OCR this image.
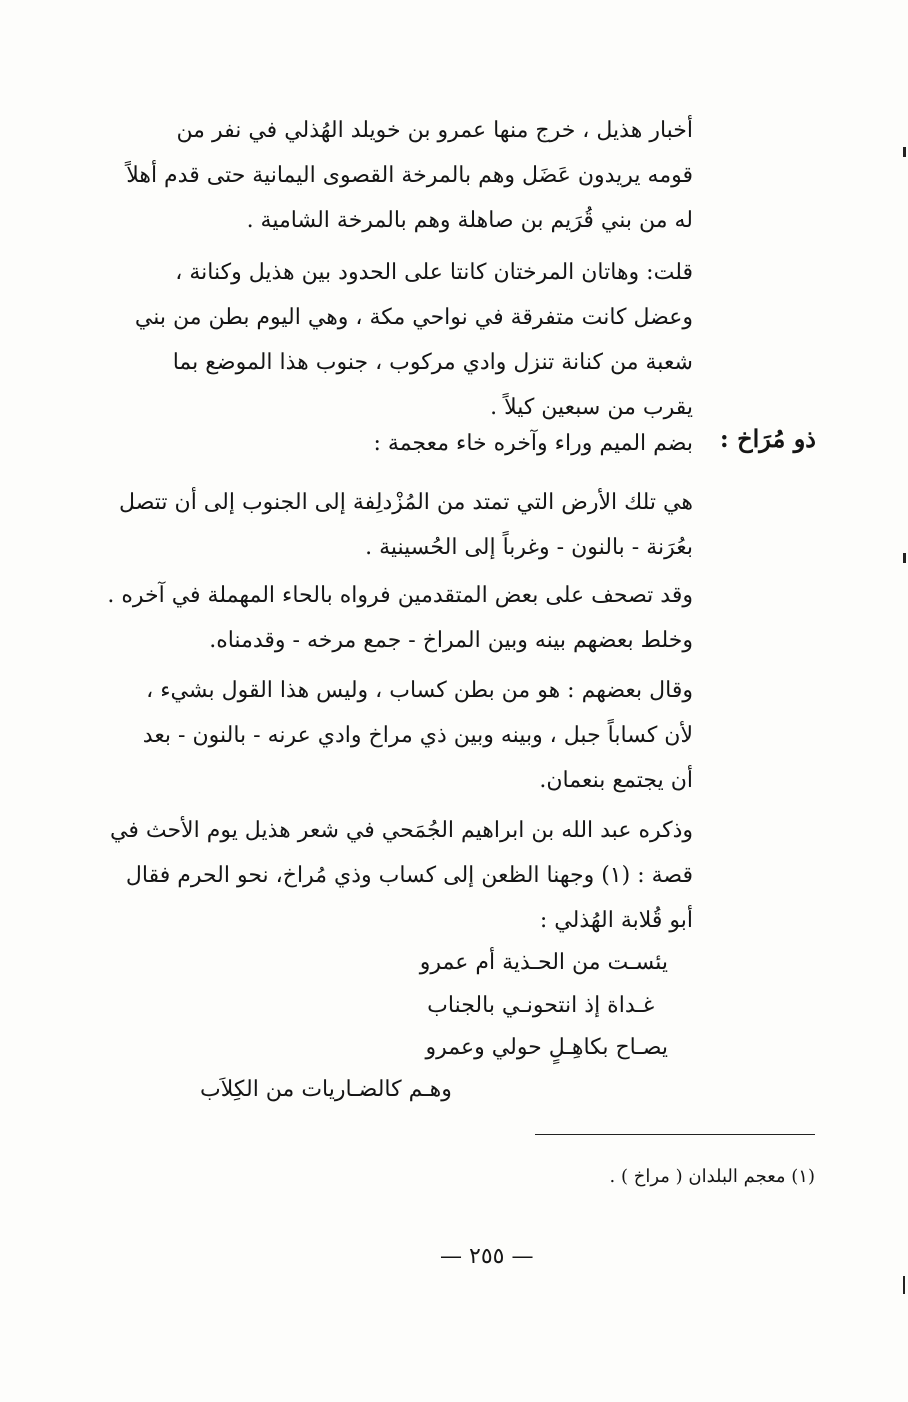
أخبار هذيل ، خرج منها عمرو بن خويلد الهُذلي في نفر من
قومه يريدون عَضَل وهم بالمرخة القصوى اليمانية حتى قدم أهلاً
له من بني قُرَيم بن صاهلة وهم بالمرخة الشامية .
قلت: وهاتان المرختان كانتا على الحدود بين هذيل وكنانة ،
وعضل كانت متفرقة في نواحي مكة ، وهي اليوم بطن من بني
شعبة من كنانة تنزل وادي مركوب ، جنوب هذا الموضع بما
يقرب من سبعين كيلاً .
ذو مُرَاخ :
بضم الميم وراء وآخره خاء معجمة :
هي تلك الأرض التي تمتد من المُزْدلِفة إلى الجنوب إلى أن تتصل
بعُرَنة - بالنون - وغرباً إلى الحُسينية .
وقد تصحف على بعض المتقدمين فرواه بالحاء المهملة في آخره .
وخلط بعضهم بينه وبين المراخ - جمع مرخه - وقدمناه.
وقال بعضهم : هو من بطن كساب ، وليس هذا القول بشيء ،
لأن كساباً جبل ، وبينه وبين ذي مراخ وادي عرنه - بالنون - بعد
أن يجتمع بنعمان.
وذكره عبد الله بن ابراهيم الجُمَحي في شعر هذيل يوم الأحث في
قصة : (١) وجهنا الظعن إلى كساب وذي مُراخ، نحو الحرم فقال
أبو قُلابة الهُذلي :
يئسـت من الحـذية أم عمرو
غـداة إذ انتحونـي بالجناب
يصـاح بكاهِـلٍ حولي وعمرو
وهـم كالضـاريات من الكِلاَب
(١) معجم البلدان ( مراخ ) .
— ٢٥٥ —
